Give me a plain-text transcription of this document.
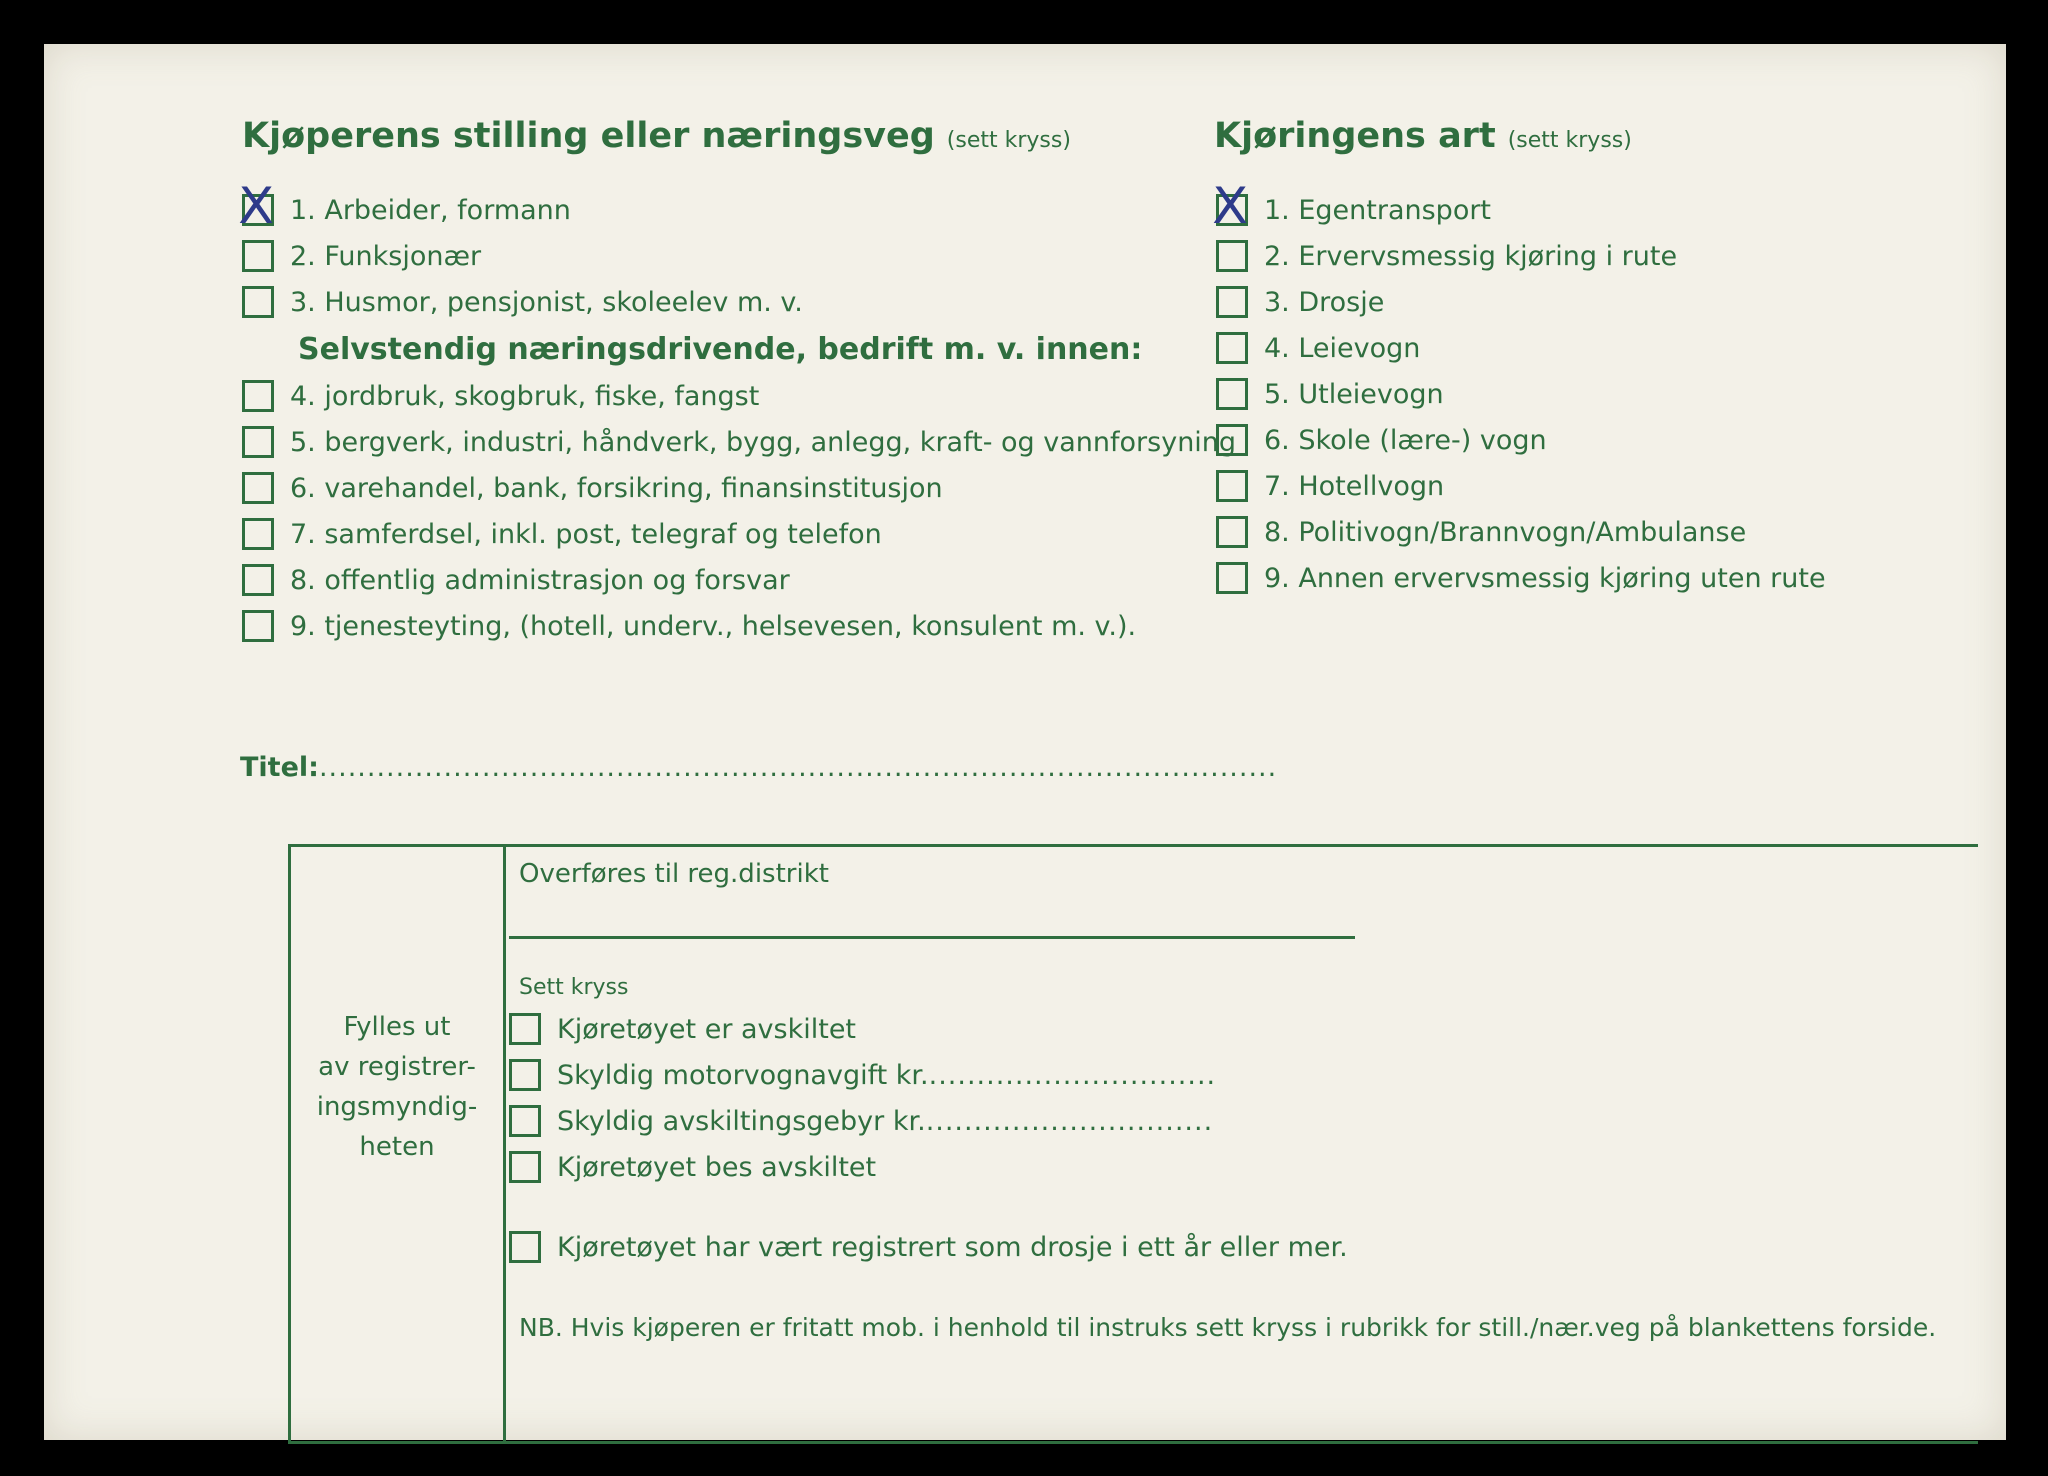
Kjøperens stilling eller næringsveg (sett kryss)	Kjøringens art (sett kryss)
X 1. Arbeider, formann
2. Funksjonær
3. Husmor, pensjonist, skoleelev m. v.
Selvstendig næringsdrivende, bedrift m. v. innen:
4. jordbruk, skogbruk, fiske, fangst
5. bergverk, industri, håndverk, bygg, anlegg, kraft- og vannforsyning
6. varehandel, bank, forsikring, finansinstitusjon
7. samferdsel, inkl. post, telegraf og telefon
8. offentlig administrasjon og forsvar
9. tjenesteyting, (hotell, underv., helsevesen, konsulent m. v.).
X 1. Egentransport
2. Ervervsmessig kjøring i rute
3. Drosje
4. Leievogn
5. Utleievogn
6. Skole (lære-) vogn
7. Hotellvogn
8. Politivogn/Brannvogn/Ambulanse
9. Annen ervervsmessig kjøring uten rute
Titel:....................................................................................................
Fylles ut
av registrer-
ingsmyndig-
heten
Overføres til reg.distrikt
Sett kryss
Kjøretøyet er avskiltet
Skyldig motorvognavgift kr. ..............................
Skyldig avskiltingsgebyr kr. ..............................
Kjøretøyet bes avskiltet
Kjøretøyet har vært registrert som drosje i ett år eller mer.
NB. Hvis kjøperen er fritatt mob. i henhold til instruks sett kryss i rubrikk for still./nær.veg på blankettens forside.
